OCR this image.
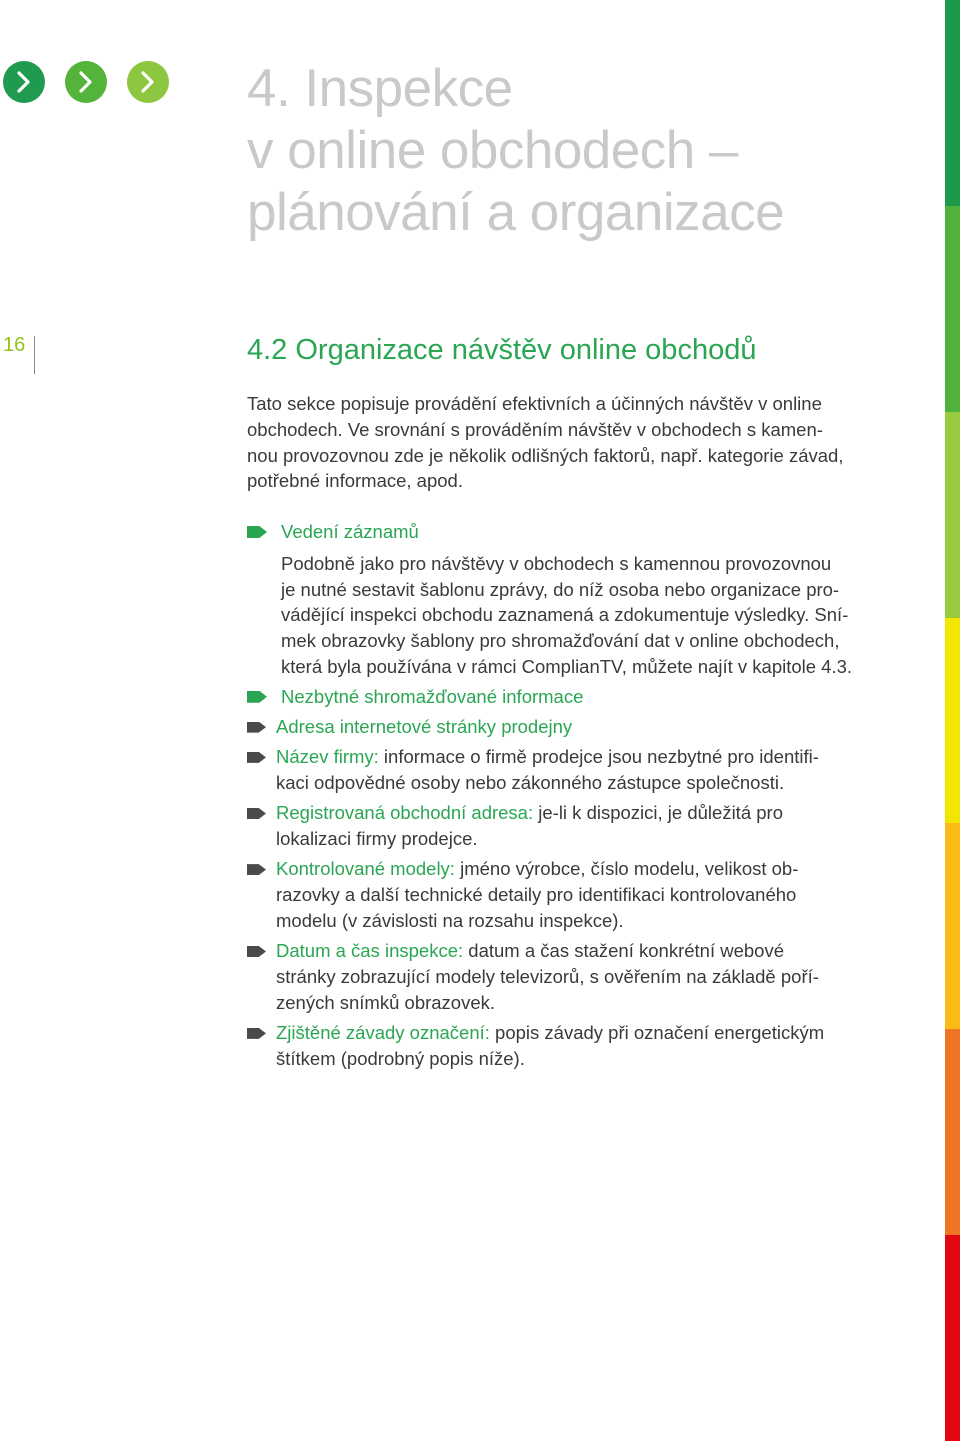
4. Inspekce
v online obchodech –
plánování a organizace
16	4.2 Organizace návštěv online obchodů

Tato sekce popisuje provádění efektivních a účinných návštěv v online
obchodech. Ve srovnání s prováděním návštěv v obchodech s kamen-
nou provozovnou zde je několik odlišných faktorů, např. kategorie závad,
potřebné informace, apod.

Vedení záznamů
Podobně jako pro návštěvy v obchodech s kamennou provozovnou
je nutné sestavit šablonu zprávy, do níž osoba nebo organizace pro-
vádějící inspekci obchodu zaznamená a zdokumentuje výsledky. Sní-
mek obrazovky šablony pro shromažďování dat v online obchodech,
která byla používána v rámci ComplianTV, můžete najít v kapitole 4.3.
Nezbytné shromažďované informace
Adresa internetové stránky prodejny
Název firmy: informace o firmě prodejce jsou nezbytné pro identifi-
kaci odpovědné osoby nebo zákonného zástupce společnosti.
Registrovaná obchodní adresa: je-li k dispozici, je důležitá pro
lokalizaci firmy prodejce.
Kontrolované modely: jméno výrobce, číslo modelu, velikost ob-
razovky a další technické detaily pro identifikaci kontrolovaného
modelu (v závislosti na rozsahu inspekce).
Datum a čas inspekce: datum a čas stažení konkrétní webové
stránky zobrazující modely televizorů, s ověřením na základě poří-
zených snímků obrazovek.
Zjištěné závady označení: popis závady při označení energetickým
štítkem (podrobný popis níže).
